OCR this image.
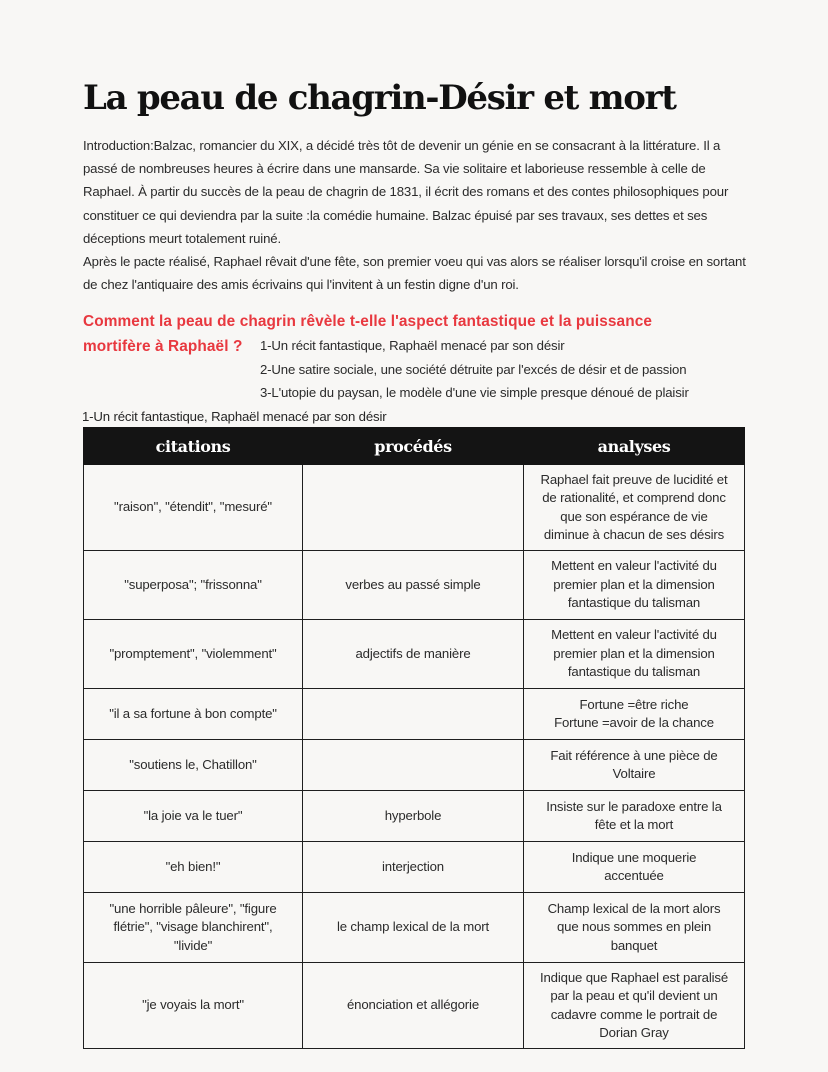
La peau de chagrin-Désir et mort

Introduction:Balzac, romancier du XIX, a décidé très tôt de devenir un génie en se consacrant à la littérature. Il a passé de nombreuses heures à écrire dans une mansarde. Sa vie solitaire et laborieuse ressemble à celle de Raphael. À partir du succès de la peau de chagrin de 1831, il écrit des romans et des contes philosophiques pour constituer ce qui deviendra par la suite :la comédie humaine. Balzac épuisé par ses travaux, ses dettes et ses déceptions meurt totalement ruiné.

Après le pacte réalisé, Raphael rêvait d'une fête, son premier voeu qui vas alors se réaliser lorsqu'il croise en sortant de chez l'antiquaire des amis écrivains qui l'invitent à un festin digne d'un roi.

Comment la peau de chagrin rêvèle t-elle l'aspect fantastique et la puissance
mortifère à Raphaël ?	1-Un récit fantastique, Raphaël menacé par son désir
2-Une satire sociale, une société détruite par l'excés de désir et de passion
3-L'utopie du paysan, le modèle d'une vie simple presque dénoué de plaisir
1-Un récit fantastique, Raphaël menacé par son désir
citations	procédés	analyses

"raison", "étendit", "mesuré"		Raphael fait preuve de lucidité et
de rationalité, et comprend donc
que son espérance de vie
diminue à chacun de ses désirs

"superposa"; "frissonna"	verbes au passé simple	Mettent en valeur l'activité du
premier plan et la dimension
fantastique du talisman

"promptement", "violemment"	adjectifs de manière	Mettent en valeur l'activité du
premier plan et la dimension
fantastique du talisman

"il a sa fortune à bon compte"		Fortune =être riche
Fortune =avoir de la chance

"soutiens le, Chatillon"		Fait référence à une pièce de
Voltaire

"la joie va le tuer"	hyperbole	Insiste sur le paradoxe entre la
fête et la mort

"eh bien!"	interjection	Indique une moquerie
accentuée

"une horrible pâleure", "figure
flétrie", "visage blanchirent",
"livide"	le champ lexical de la mort	Champ lexical de la mort alors
que nous sommes en plein
banquet

"je voyais la mort"	énonciation et allégorie	Indique que Raphael est paralisé
par la peau et qu'il devient un
cadavre comme le portrait de
Dorian Gray
